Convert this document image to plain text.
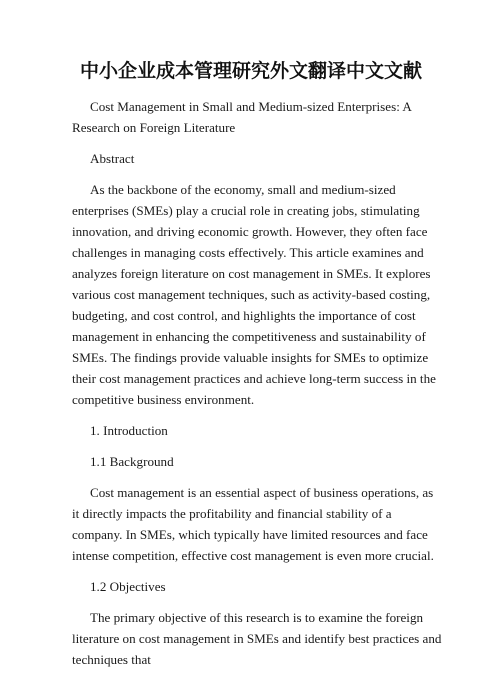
中小企业成本管理研究外文翻译中文文献

Cost Management in Small and Medium-sized Enterprises: A Research on Foreign Literature

Abstract

As the backbone of the economy, small and medium-sized enterprises (SMEs) play a crucial role in creating jobs, stimulating innovation, and driving economic growth. However, they often face challenges in managing costs effectively. This article examines and analyzes foreign literature on cost management in SMEs. It explores various cost management techniques, such as activity-based costing, budgeting, and cost control, and highlights the importance of cost management in enhancing the competitiveness and sustainability of SMEs. The findings provide valuable insights for SMEs to optimize their cost management practices and achieve long-term success in the competitive business environment.

1. Introduction

1.1 Background

Cost management is an essential aspect of business operations, as it directly impacts the profitability and financial stability of a company. In SMEs, which typically have limited resources and face intense competition, effective cost management is even more crucial.

1.2 Objectives

The primary objective of this research is to examine the foreign literature on cost management in SMEs and identify best practices and techniques that
